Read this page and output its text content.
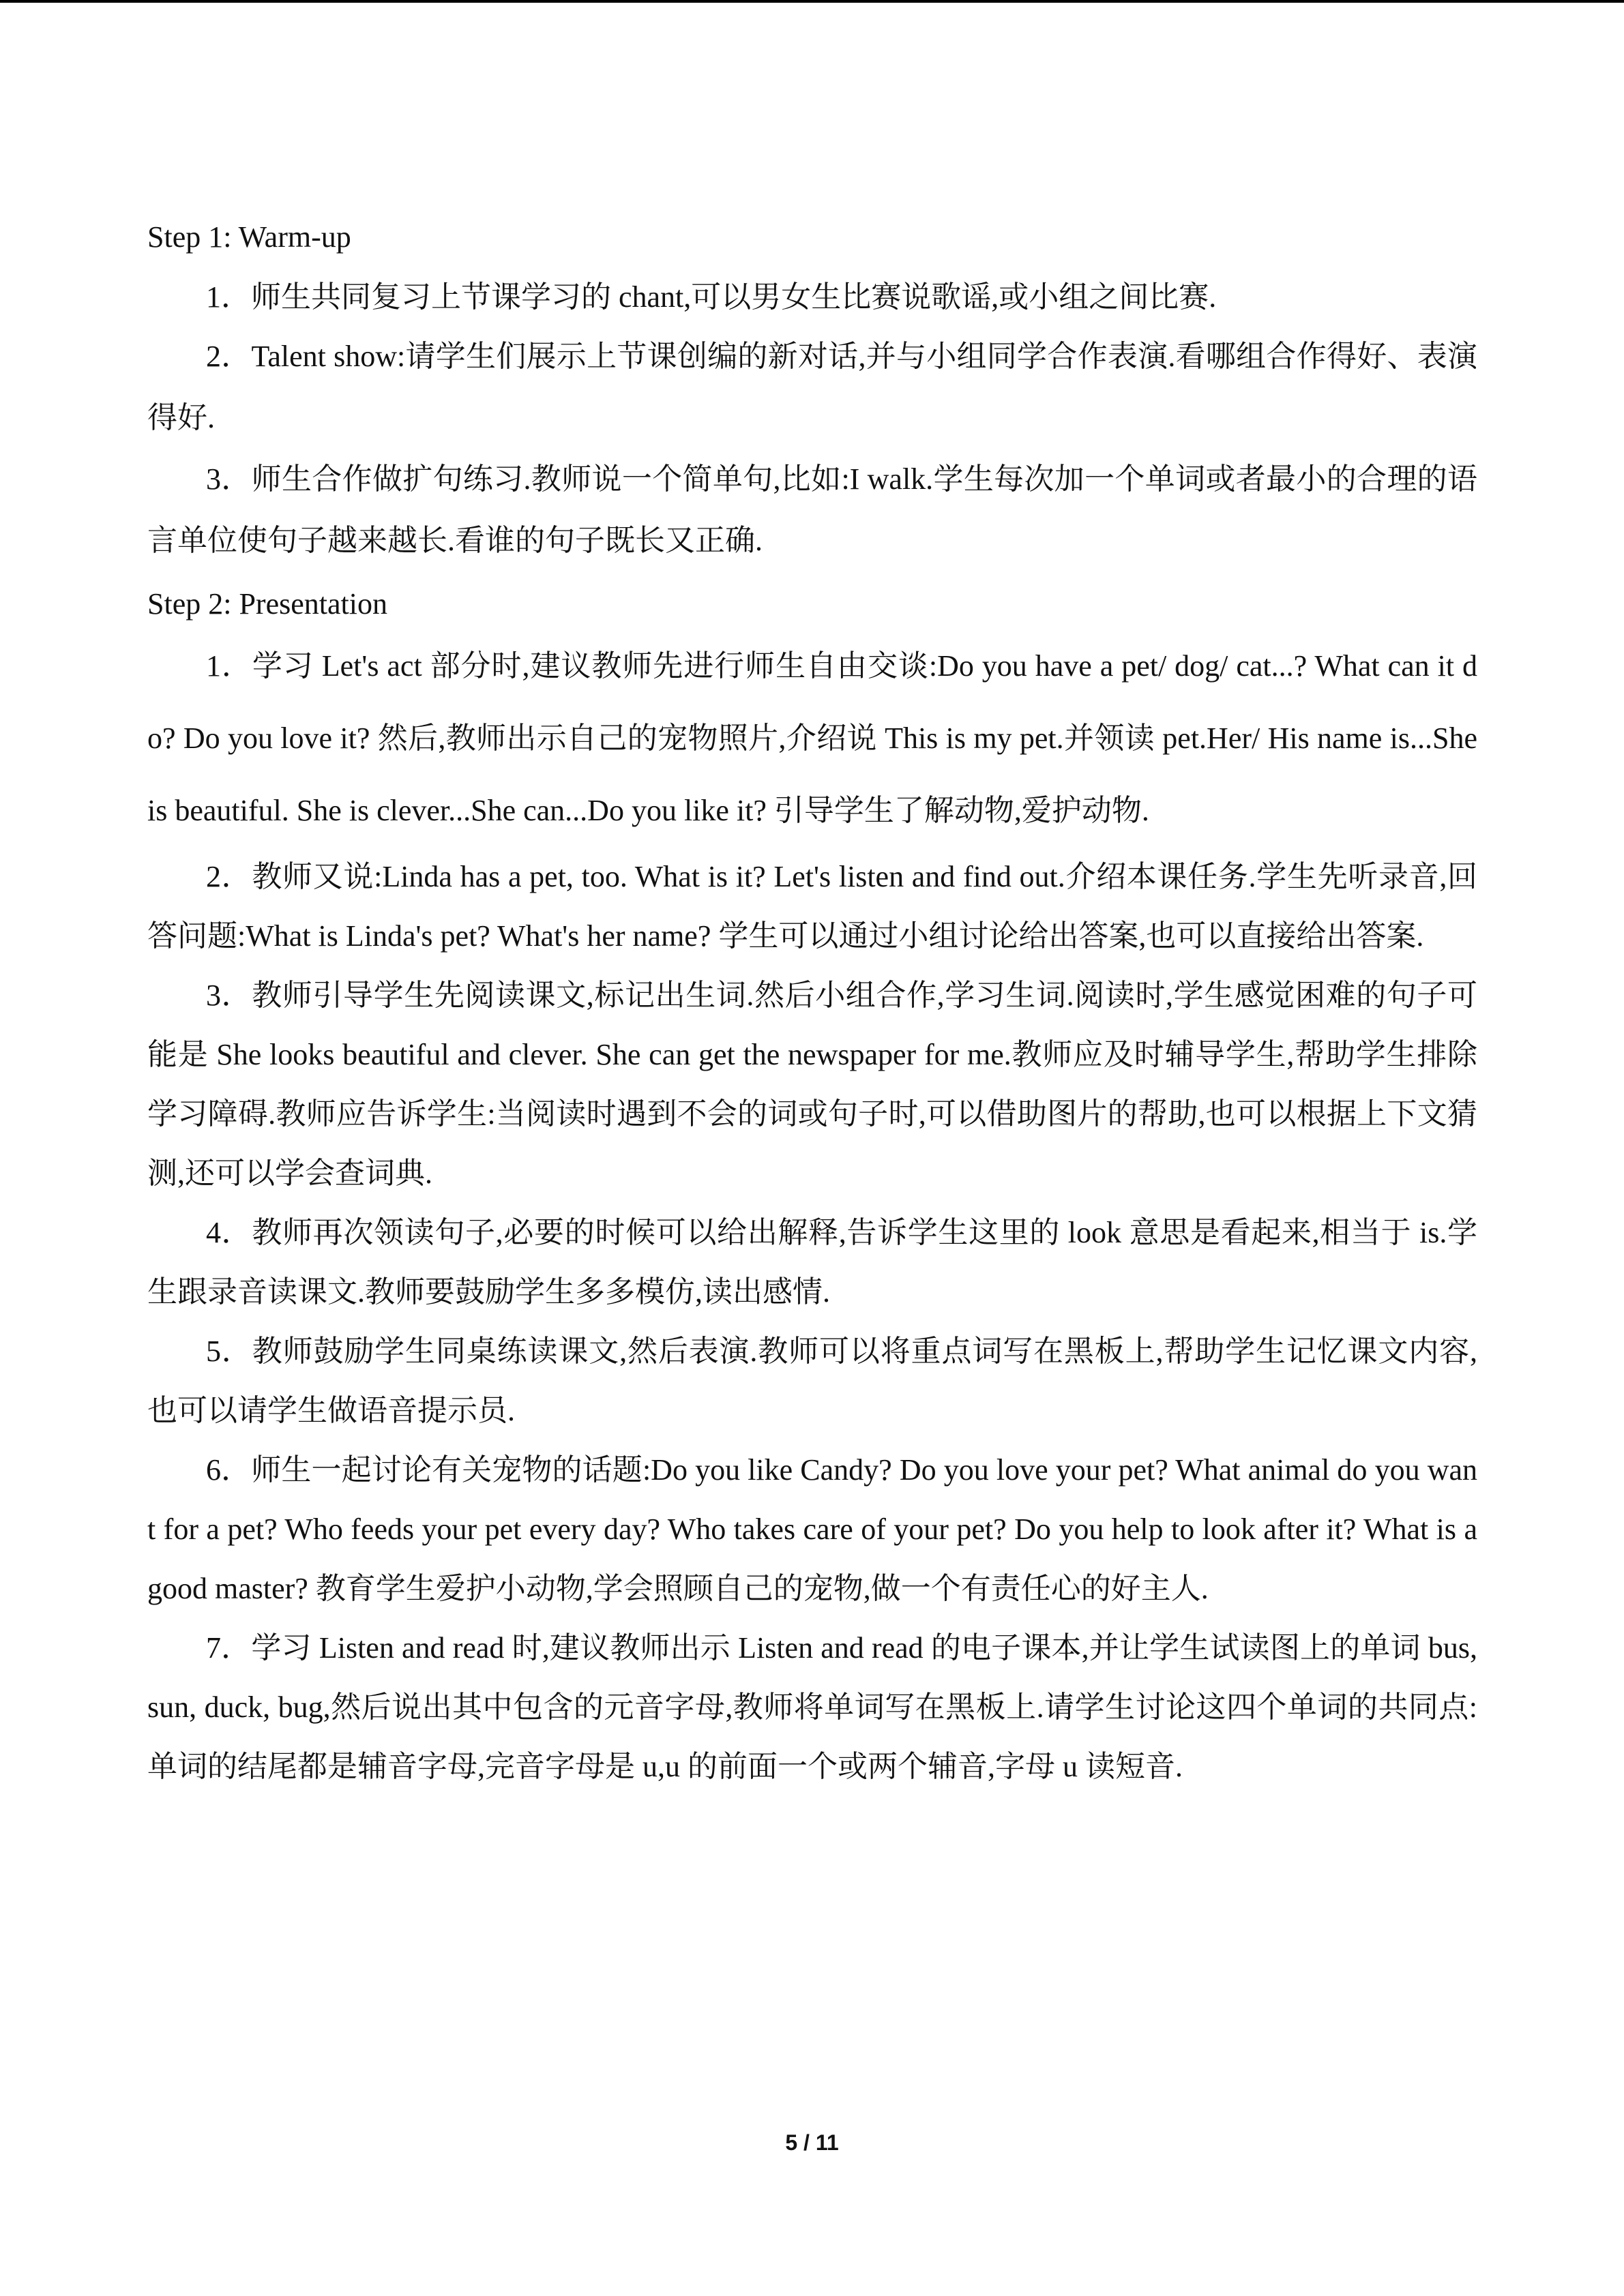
Step 1: Warm-up

1．师生共同复习上节课学习的 chant,可以男女生比赛说歌谣,或小组之间比赛.

2．Talent show:请学生们展示上节课创编的新对话,并与小组同学合作表演.看哪组合作得好、表演得好.

3．师生合作做扩句练习.教师说一个简单句,比如:I walk.学生每次加一个单词或者最小的合理的语言单位使句子越来越长.看谁的句子既长又正确.

Step 2: Presentation

1．学习 Let's act 部分时,建议教师先进行师生自由交谈:Do you have a pet/ dog/ cat...? What can it do? Do you love it? 然后,教师出示自己的宠物照片,介绍说 This is my pet.并领读 pet.Her/ His name is...She is beautiful. She is clever...She can...Do you like it? 引导学生了解动物,爱护动物.

2．教师又说:Linda has a pet, too. What is it? Let's listen and find out.介绍本课任务.学生先听录音,回答问题:What is Linda's pet? What's her name? 学生可以通过小组讨论给出答案,也可以直接给出答案.

3．教师引导学生先阅读课文,标记出生词.然后小组合作,学习生词.阅读时,学生感觉困难的句子可能是 She looks beautiful and clever. She can get the newspaper for me.教师应及时辅导学生,帮助学生排除学习障碍.教师应告诉学生:当阅读时遇到不会的词或句子时,可以借助图片的帮助,也可以根据上下文猜测,还可以学会查词典.

4．教师再次领读句子,必要的时候可以给出解释,告诉学生这里的 look 意思是看起来,相当于 is.学生跟录音读课文.教师要鼓励学生多多模仿,读出感情.

5．教师鼓励学生同桌练读课文,然后表演.教师可以将重点词写在黑板上,帮助学生记忆课文内容,也可以请学生做语音提示员.

6．师生一起讨论有关宠物的话题:Do you like Candy? Do you love your pet? What animal do you want for a pet? Who feeds your pet every day? Who takes care of your pet? Do you help to look after it? What is a good master? 教育学生爱护小动物,学会照顾自己的宠物,做一个有责任心的好主人.

7．学习 Listen and read 时,建议教师出示 Listen and read 的电子课本,并让学生试读图上的单词 bus, sun, duck, bug,然后说出其中包含的元音字母,教师将单词写在黑板上.请学生讨论这四个单词的共同点:单词的结尾都是辅音字母,完音字母是 u,u 的前面一个或两个辅音,字母 u 读短音.

5 / 11
